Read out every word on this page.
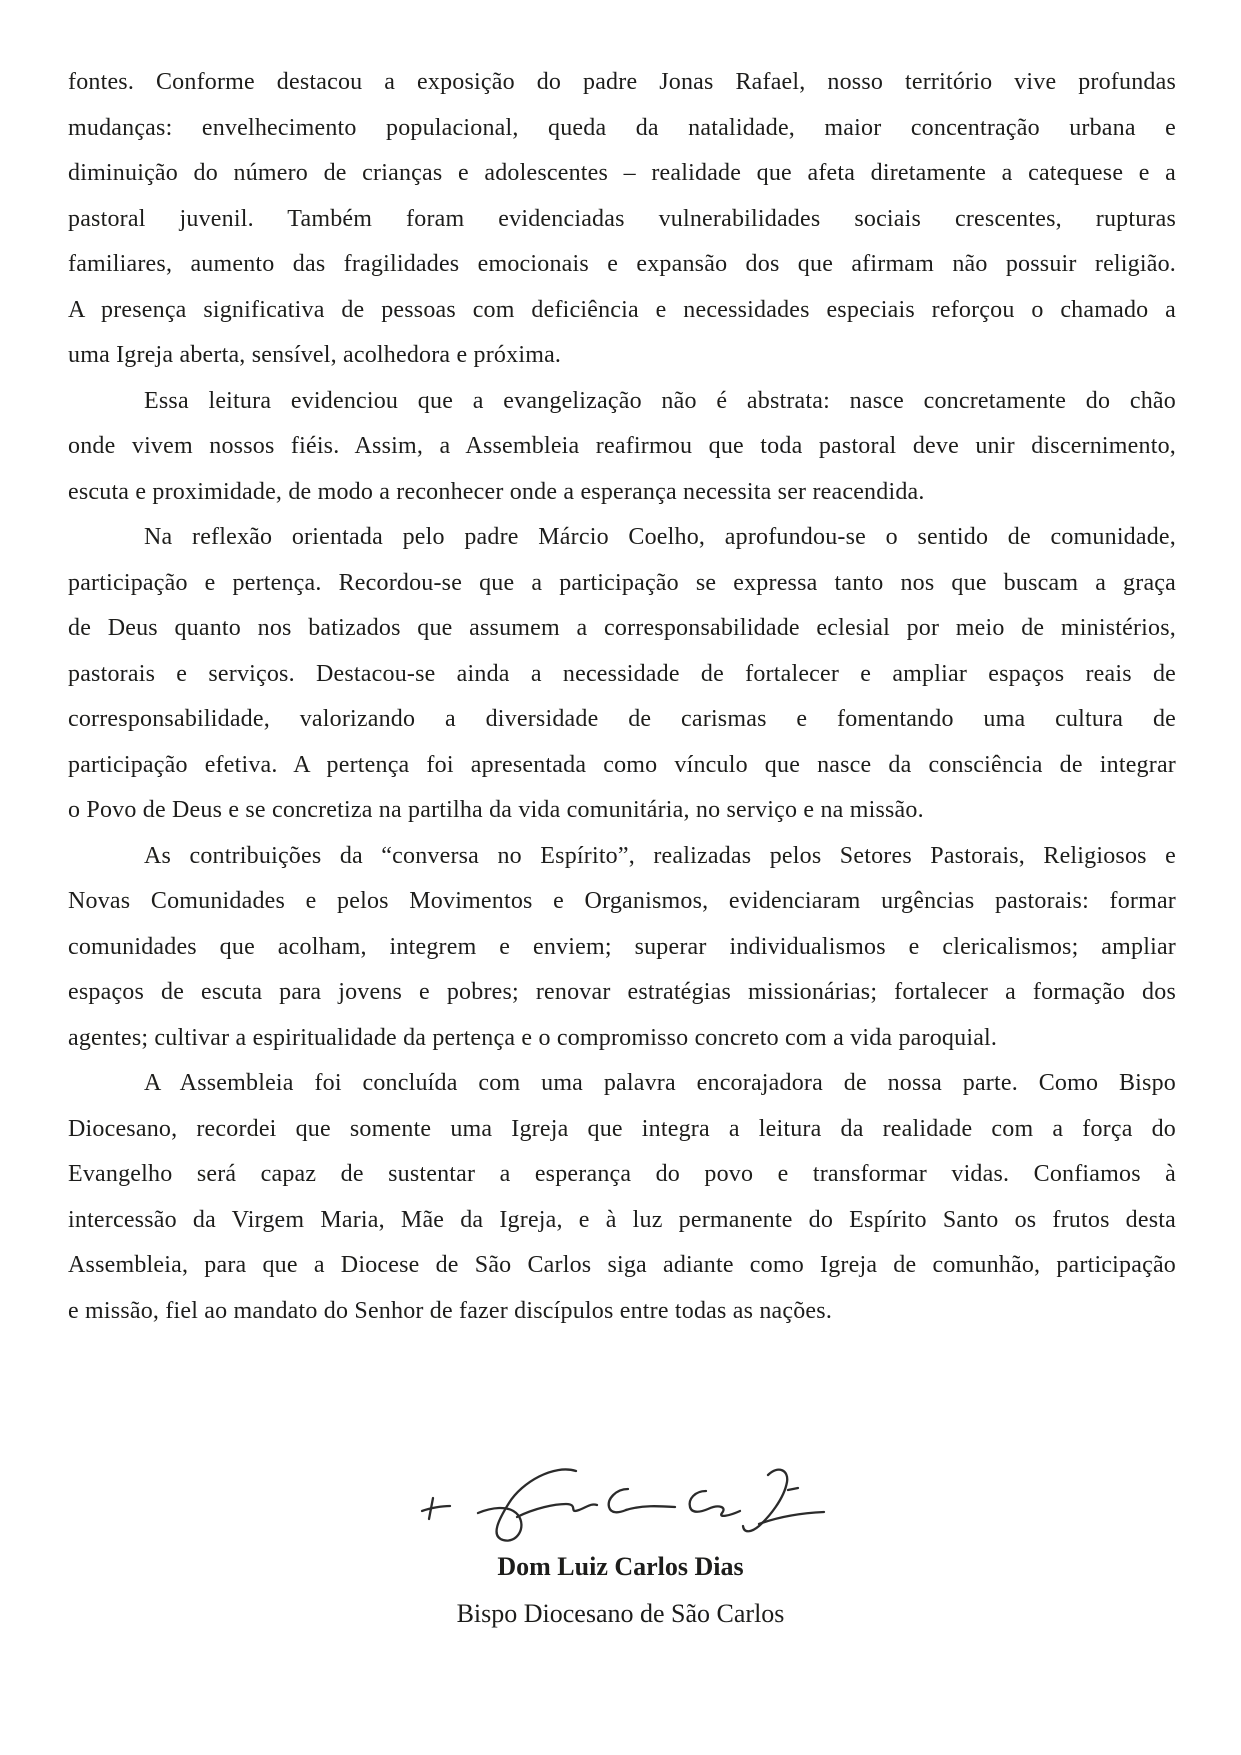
fontes. Conforme destacou a exposição do padre Jonas Rafael, nosso território vive profundas
mudanças: envelhecimento populacional, queda da natalidade, maior concentração urbana e
diminuição do número de crianças e adolescentes – realidade que afeta diretamente a catequese e a
pastoral juvenil. Também foram evidenciadas vulnerabilidades sociais crescentes, rupturas
familiares, aumento das fragilidades emocionais e expansão dos que afirmam não possuir religião.
A presença significativa de pessoas com deficiência e necessidades especiais reforçou o chamado a
uma Igreja aberta, sensível, acolhedora e próxima.
Essa leitura evidenciou que a evangelização não é abstrata: nasce concretamente do chão
onde vivem nossos fiéis. Assim, a Assembleia reafirmou que toda pastoral deve unir discernimento,
escuta e proximidade, de modo a reconhecer onde a esperança necessita ser reacendida.
Na reflexão orientada pelo padre Márcio Coelho, aprofundou-se o sentido de comunidade,
participação e pertença. Recordou-se que a participação se expressa tanto nos que buscam a graça
de Deus quanto nos batizados que assumem a corresponsabilidade eclesial por meio de ministérios,
pastorais e serviços. Destacou-se ainda a necessidade de fortalecer e ampliar espaços reais de
corresponsabilidade, valorizando a diversidade de carismas e fomentando uma cultura de
participação efetiva. A pertença foi apresentada como vínculo que nasce da consciência de integrar
o Povo de Deus e se concretiza na partilha da vida comunitária, no serviço e na missão.
As contribuições da “conversa no Espírito”, realizadas pelos Setores Pastorais, Religiosos e
Novas Comunidades e pelos Movimentos e Organismos, evidenciaram urgências pastorais: formar
comunidades que acolham, integrem e enviem; superar individualismos e clericalismos; ampliar
espaços de escuta para jovens e pobres; renovar estratégias missionárias; fortalecer a formação dos
agentes; cultivar a espiritualidade da pertença e o compromisso concreto com a vida paroquial.
A Assembleia foi concluída com uma palavra encorajadora de nossa parte. Como Bispo
Diocesano, recordei que somente uma Igreja que integra a leitura da realidade com a força do
Evangelho será capaz de sustentar a esperança do povo e transformar vidas. Confiamos à
intercessão da Virgem Maria, Mãe da Igreja, e à luz permanente do Espírito Santo os frutos desta
Assembleia, para que a Diocese de São Carlos siga adiante como Igreja de comunhão, participação
e missão, fiel ao mandato do Senhor de fazer discípulos entre todas as nações.
Dom Luiz Carlos Dias
Bispo Diocesano de São Carlos
